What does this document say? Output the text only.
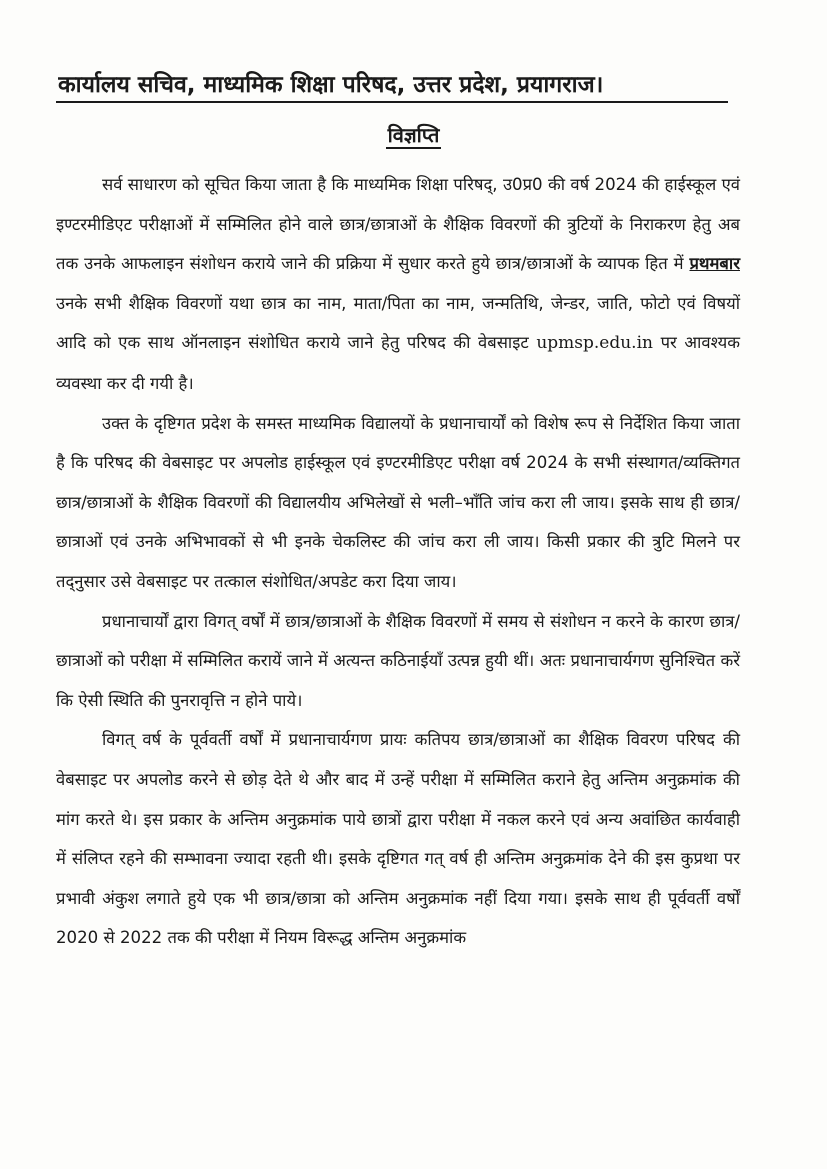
कार्यालय सचिव, माध्यमिक शिक्षा परिषद, उत्तर प्रदेश, प्रयागराज।
विज्ञप्ति

सर्व साधारण को सूचित किया जाता है कि माध्यमिक शिक्षा परिषद्, उ0प्र0 की वर्ष 2024 की हाईस्कूल एवं इण्टरमीडिएट परीक्षाओं में सम्मिलित होने वाले छात्र/छात्राओं के शैक्षिक विवरणों की त्रुटियों के निराकरण हेतु अब तक उनके आफलाइन संशोधन कराये जाने की प्रक्रिया में सुधार करते हुये छात्र/छात्राओं के व्यापक हित में प्रथमबार उनके सभी शैक्षिक विवरणों यथा छात्र का नाम, माता/पिता का नाम, जन्मतिथि, जेन्डर, जाति, फोटो एवं विषयों आदि को एक साथ ऑनलाइन संशोधित कराये जाने हेतु परिषद की वेबसाइट upmsp.edu.in पर आवश्यक व्यवस्था कर दी गयी है।

उक्त के दृष्टिगत प्रदेश के समस्त माध्यमिक विद्यालयों के प्रधानाचार्यों को विशेष रूप से निर्देशित किया जाता है कि परिषद की वेबसाइट पर अपलोड हाईस्कूल एवं इण्टरमीडिएट परीक्षा वर्ष 2024 के सभी संस्थागत/व्यक्तिगत छात्र/छात्राओं के शैक्षिक विवरणों की विद्यालयीय अभिलेखों से भली–भाँति जांच करा ली जाय। इसके साथ ही छात्र/छात्राओं एवं उनके अभिभावकों से भी इनके चेकलिस्ट की जांच करा ली जाय। किसी प्रकार की त्रुटि मिलने पर तद्नुसार उसे वेबसाइट पर तत्काल संशोधित/अपडेट करा दिया जाय।

प्रधानाचार्यों द्वारा विगत् वर्षों में छात्र/छात्राओं के शैक्षिक विवरणों में समय से संशोधन न करने के कारण छात्र/छात्राओं को परीक्षा में सम्मिलित करायें जाने में अत्यन्त कठिनाईयाँ उत्पन्न हुयी थीं। अतः प्रधानाचार्यगण सुनिश्चित करें कि ऐसी स्थिति की पुनरावृत्ति न होने पाये।

विगत् वर्ष के पूर्ववर्ती वर्षों में प्रधानाचार्यगण प्रायः कतिपय छात्र/छात्राओं का शैक्षिक विवरण परिषद की वेबसाइट पर अपलोड करने से छोड़ देते थे और बाद में उन्हें परीक्षा में सम्मिलित कराने हेतु अन्तिम अनुक्रमांक की मांग करते थे। इस प्रकार के अन्तिम अनुक्रमांक पाये छात्रों द्वारा परीक्षा में नकल करने एवं अन्य अवांछित कार्यवाही में संलिप्त रहने की सम्भावना ज्यादा रहती थी। इसके दृष्टिगत गत् वर्ष ही अन्तिम अनुक्रमांक देने की इस कुप्रथा पर प्रभावी अंकुश लगाते हुये एक भी छात्र/छात्रा को अन्तिम अनुक्रमांक नहीं दिया गया। इसके साथ ही पूर्ववर्ती वर्षों 2020 से 2022 तक की परीक्षा में नियम विरूद्ध अन्तिम अनुक्रमांक
